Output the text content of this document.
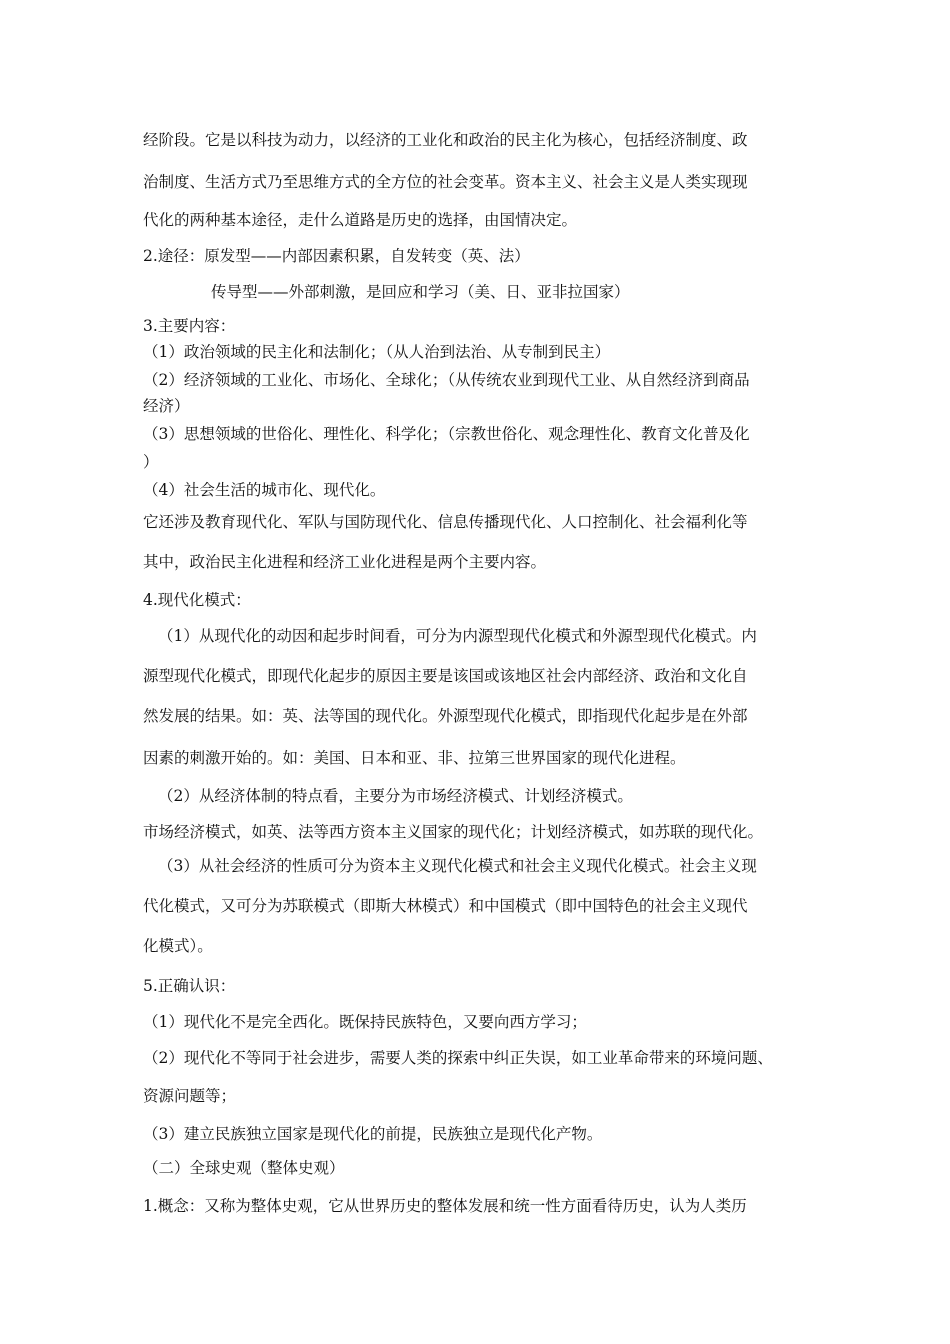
经阶段。它是以科技为动力，以经济的工业化和政治的民主化为核心，包括经济制度、政
治制度、生活方式乃至思维方式的全方位的社会变革。资本主义、社会主义是人类实现现
代化的两种基本途径，走什么道路是历史的选择，由国情决定。
2.途径：原发型——内部因素积累，自发转变（英、法）
传导型——外部刺激，是回应和学习（美、日、亚非拉国家）
3.主要内容：
（1）政治领域的民主化和法制化；（从人治到法治、从专制到民主）
（2）经济领域的工业化、市场化、全球化；（从传统农业到现代工业、从自然经济到商品
经济）
（3）思想领域的世俗化、理性化、科学化；（宗教世俗化、观念理性化、教育文化普及化
）
（4）社会生活的城市化、现代化。
它还涉及教育现代化、军队与国防现代化、信息传播现代化、人口控制化、社会福利化等
其中，政治民主化进程和经济工业化进程是两个主要内容。
4.现代化模式：
（1）从现代化的动因和起步时间看，可分为内源型现代化模式和外源型现代化模式。内
源型现代化模式，即现代化起步的原因主要是该国或该地区社会内部经济、政治和文化自
然发展的结果。如：英、法等国的现代化。外源型现代化模式，即指现代化起步是在外部
因素的刺激开始的。如：美国、日本和亚、非、拉第三世界国家的现代化进程。
（2）从经济体制的特点看，主要分为市场经济模式、计划经济模式。
市场经济模式，如英、法等西方资本主义国家的现代化；计划经济模式，如苏联的现代化。
（3）从社会经济的性质可分为资本主义现代化模式和社会主义现代化模式。社会主义现
代化模式，又可分为苏联模式（即斯大林模式）和中国模式（即中国特色的社会主义现代
化模式）。
5.正确认识：
（1）现代化不是完全西化。既保持民族特色，又要向西方学习；
（2）现代化不等同于社会进步，需要人类的探索中纠正失误，如工业革命带来的环境问题、
资源问题等；
（3）建立民族独立国家是现代化的前提，民族独立是现代化产物。
（二）全球史观（整体史观）
1.概念：又称为整体史观，它从世界历史的整体发展和统一性方面看待历史，认为人类历
